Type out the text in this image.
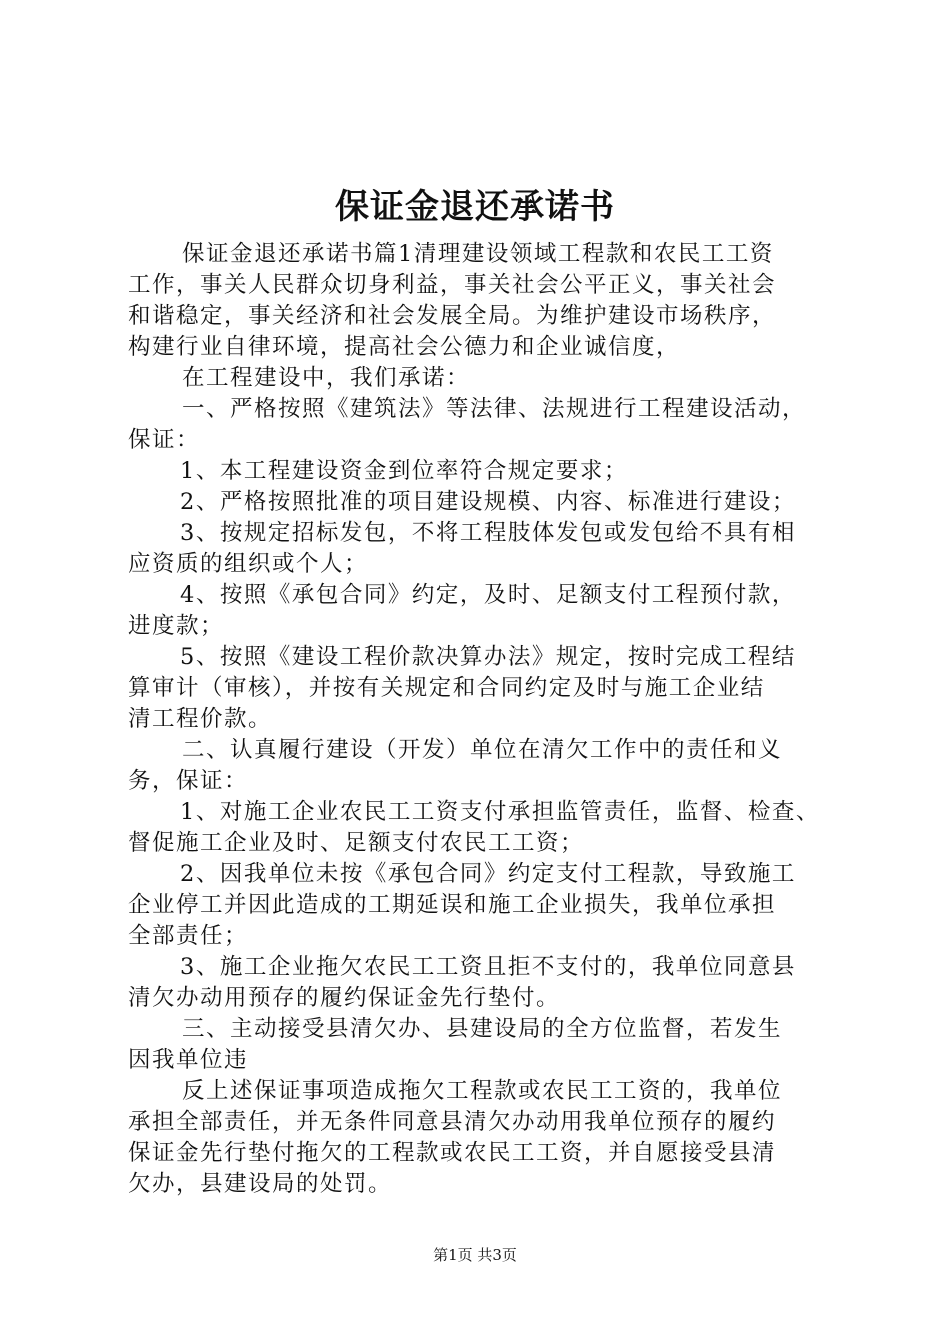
保证金退还承诺书
保证金退还承诺书篇1清理建设领域工程款和农民工工资
工作，事关人民群众切身利益，事关社会公平正义，事关社会
和谐稳定，事关经济和社会发展全局。为维护建设市场秩序，
构建行业自律环境，提高社会公德力和企业诚信度，
在工程建设中，我们承诺：
一、严格按照《建筑法》等法律、法规进行工程建设活动，
保证：
1、本工程建设资金到位率符合规定要求；
2、严格按照批准的项目建设规模、内容、标准进行建设；
3、按规定招标发包，不将工程肢体发包或发包给不具有相
应资质的组织或个人；
4、按照《承包合同》约定，及时、足额支付工程预付款，
进度款；
5、按照《建设工程价款决算办法》规定，按时完成工程结
算审计（审核），并按有关规定和合同约定及时与施工企业结
清工程价款。
二、认真履行建设（开发）单位在清欠工作中的责任和义
务，保证：
1、对施工企业农民工工资支付承担监管责任，监督、检查、
督促施工企业及时、足额支付农民工工资；
2、因我单位未按《承包合同》约定支付工程款，导致施工
企业停工并因此造成的工期延误和施工企业损失，我单位承担
全部责任；
3、施工企业拖欠农民工工资且拒不支付的，我单位同意县
清欠办动用预存的履约保证金先行垫付。
三、主动接受县清欠办、县建设局的全方位监督，若发生
因我单位违
反上述保证事项造成拖欠工程款或农民工工资的，我单位
承担全部责任，并无条件同意县清欠办动用我单位预存的履约
保证金先行垫付拖欠的工程款或农民工工资，并自愿接受县清
欠办，县建设局的处罚。
第1页 共3页
